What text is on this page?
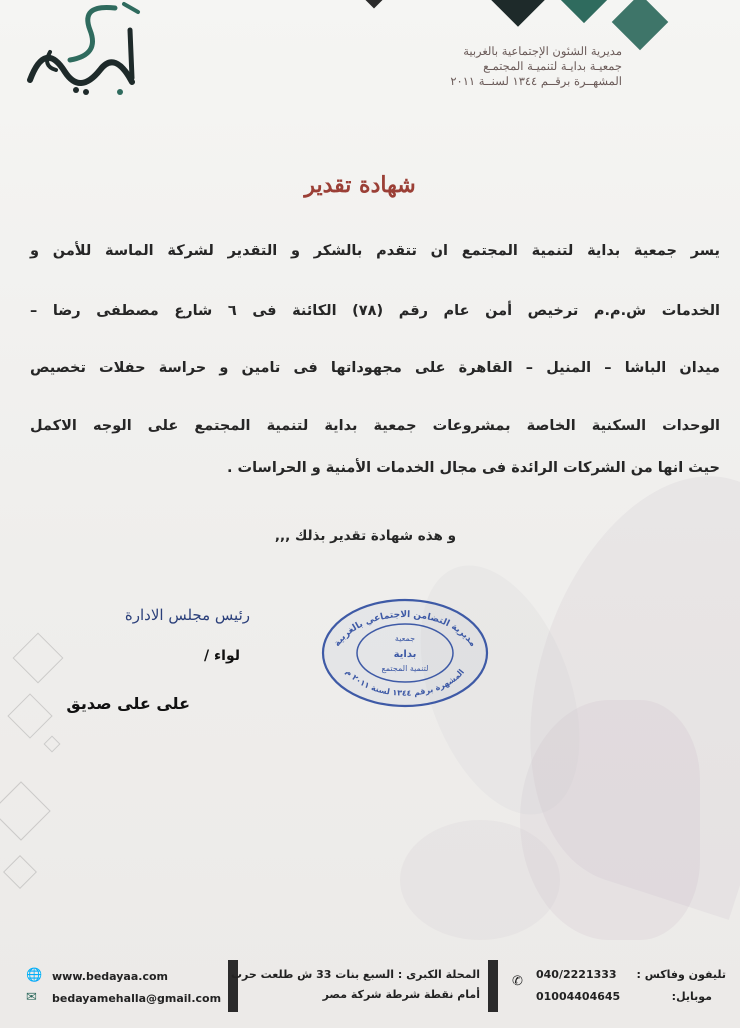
مديرية الشئون الإجتماعية بالغربية
جمعيـة بدايـة لتنميـة المجتمـع
المشهــرة برقــم ١٣٤٤ لسنــة ٢٠١١
شهادة تقدير
يسر جمعية بداية لتنمية المجتمع ان تتقدم بالشكر و التقدير لشركة الماسة للأمن و
الخدمات ش.م.م ترخيص أمن عام رقم (٧٨) الكائنة فى ٦ شارع مصطفى رضا –
ميدان الباشا – المنيل – القاهرة على مجهوداتها فى تامين و حراسة حفلات تخصيص
الوحدات السكنية الخاصة بمشروعات جمعية بداية لتنمية المجتمع على الوجه الاكمل
حيث انها من الشركات الرائدة فى مجال الخدمات الأمنية و الحراسات .
و هذه شهادة تقدير بذلك ,,,
رئيس مجلس الادارة
لواء /
على على صديق
مديرية التضامن الاجتماعي بالغربية
المشهرة برقم ١٣٤٤ لسنة ٢٠١١ م
جمعية
بداية
لتنمية المجتمع
🌐 www.bedayaa.com
✉ bedayamehalla@gmail.com
المحلة الكبرى : السبع بنات 33 ش طلعت حرب
أمام نقطة شرطة شركة مصر
✆ 040/2221333
01004404645
تليفون وفاكس :
موبايل:
